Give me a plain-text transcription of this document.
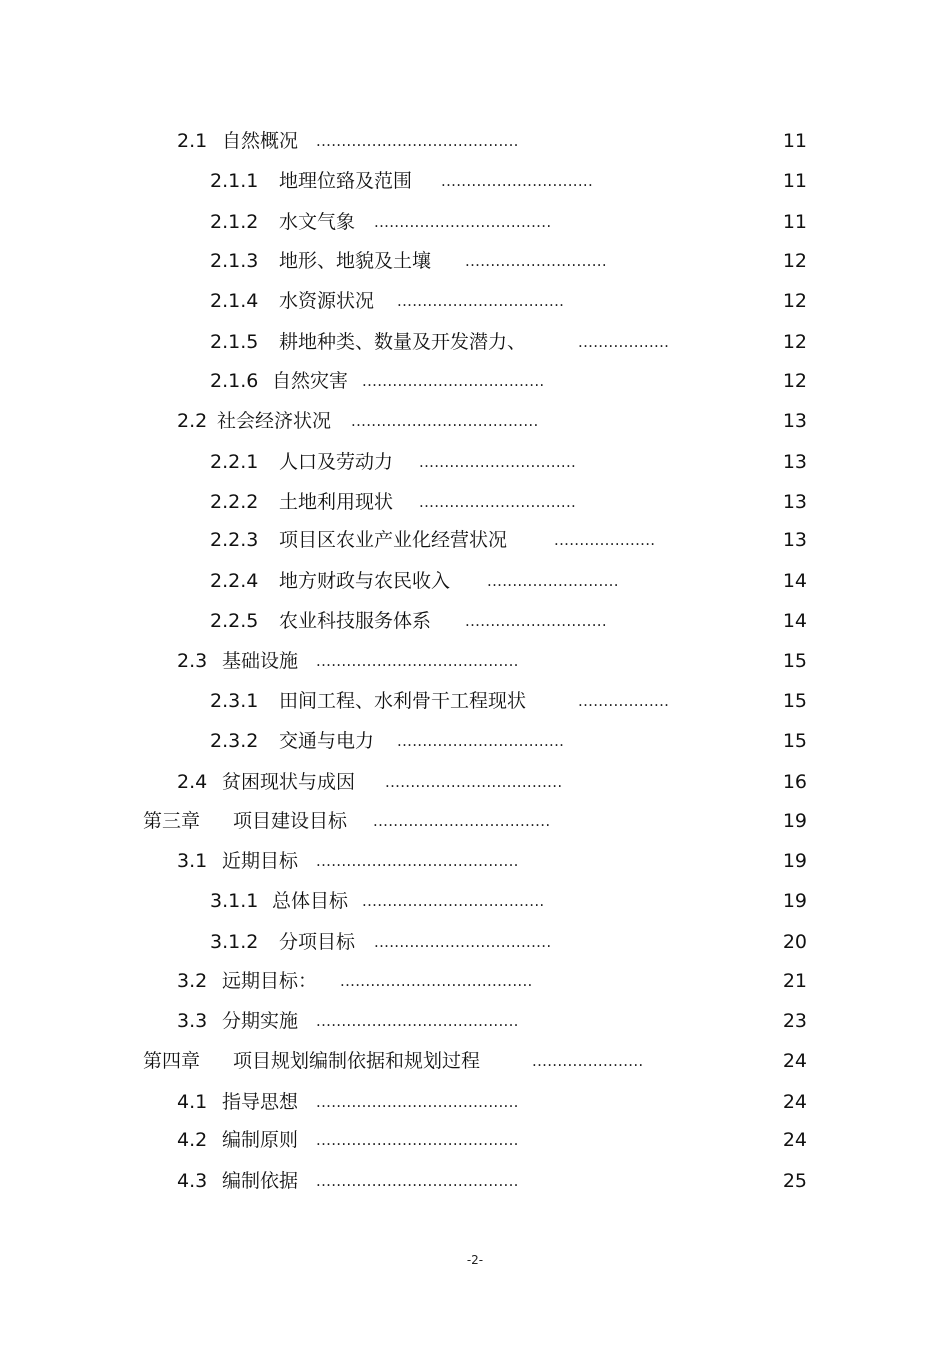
2.1 自然概况 ........................................	11
2.1.1 地理位臵及范围 ..............................	11
2.1.2 水文气象 ...................................	11
2.1.3 地形、地貌及土壤 ............................	12
2.1.4 水资源状况 .................................	12
2.1.5 耕地种类、数量及开发潜力、	..................	12
2.1.6 自然灾害 ....................................	12
2.2 社会经济状况 .....................................	13
2.2.1 人口及劳动力 ...............................	13
2.2.2 土地利用现状 ...............................	13
2.2.3 项目区农业产业化经营状况	....................	13
2.2.4 地方财政与农民收入 ..........................	14
2.2.5 农业科技服务体系 ............................	14
2.3 基础设施 ........................................	15
2.3.1 田间工程、水利骨干工程现状	..................	15
2.3.2 交通与电力 .................................	15
2.4 贫困现状与成因 ...................................	16
第三章 项目建设目标 ...................................	19
3.1 近期目标 ........................................	19
3.1.1 总体目标 ....................................	19
3.1.2 分项目标 ...................................	20
3.2 远期目标： ......................................	21
3.3 分期实施 ........................................	23
第四章 项目规划编制依据和规划过程	......................	24
4.1 指导思想 ........................................	24
4.2 编制原则 ........................................	24
4.3 编制依据 ........................................	25
-2-
